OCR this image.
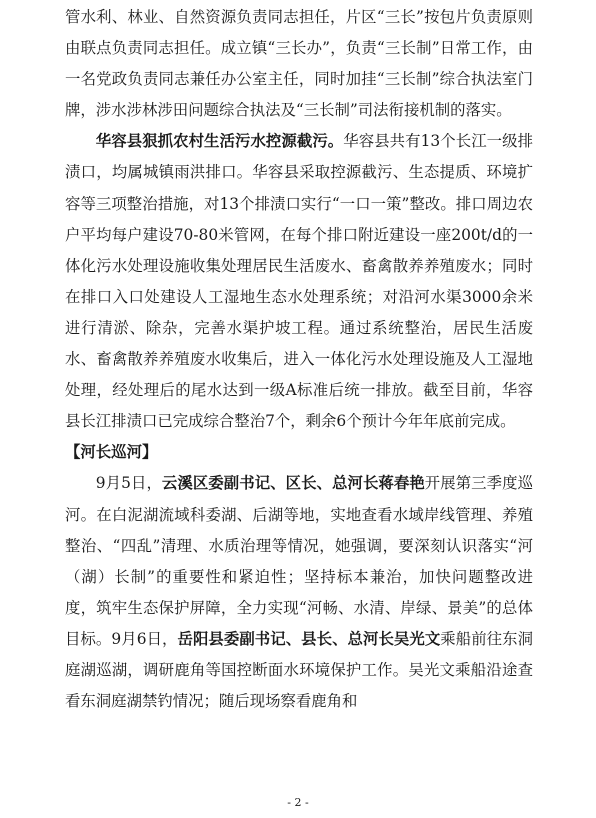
管水利、林业、自然资源负责同志担任，片区“三长”按包片负责原则由联点负责同志担任。成立镇“三长办”，负责“三长制”日常工作，由一名党政负责同志兼任办公室主任，同时加挂“三长制”综合执法室门牌，涉水涉林涉田问题综合执法及“三长制”司法衔接机制的落实。

华容县狠抓农村生活污水控源截污。华容县共有13个长江一级排渍口，均属城镇雨洪排口。华容县采取控源截污、生态提质、环境扩容等三项整治措施，对13个排渍口实行“一口一策”整改。排口周边农户平均每户建设70-80米管网，在每个排口附近建设一座200t/d的一体化污水处理设施收集处理居民生活废水、畜禽散养养殖废水；同时在排口入口处建设人工湿地生态水处理系统；对沿河水渠3000余米进行清淤、除杂，完善水渠护坡工程。通过系统整治，居民生活废水、畜禽散养养殖废水收集后，进入一体化污水处理设施及人工湿地处理，经处理后的尾水达到一级A标准后统一排放。截至目前，华容县长江排渍口已完成综合整治7个，剩余6个预计今年年底前完成。

【河长巡河】

9月5日，云溪区委副书记、区长、总河长蒋春艳开展第三季度巡河。在白泥湖流域科委湖、后湖等地，实地查看水域岸线管理、养殖整治、“四乱”清理、水质治理等情况，她强调，要深刻认识落实“河（湖）长制”的重要性和紧迫性；坚持标本兼治，加快问题整改进度，筑牢生态保护屏障，全力实现“河畅、水清、岸绿、景美”的总体目标。9月6日，岳阳县委副书记、县长、总河长吴光文乘船前往东洞庭湖巡湖，调研鹿角等国控断面水环境保护工作。吴光文乘船沿途查看东洞庭湖禁钓情况；随后现场察看鹿角和

- 2 -
